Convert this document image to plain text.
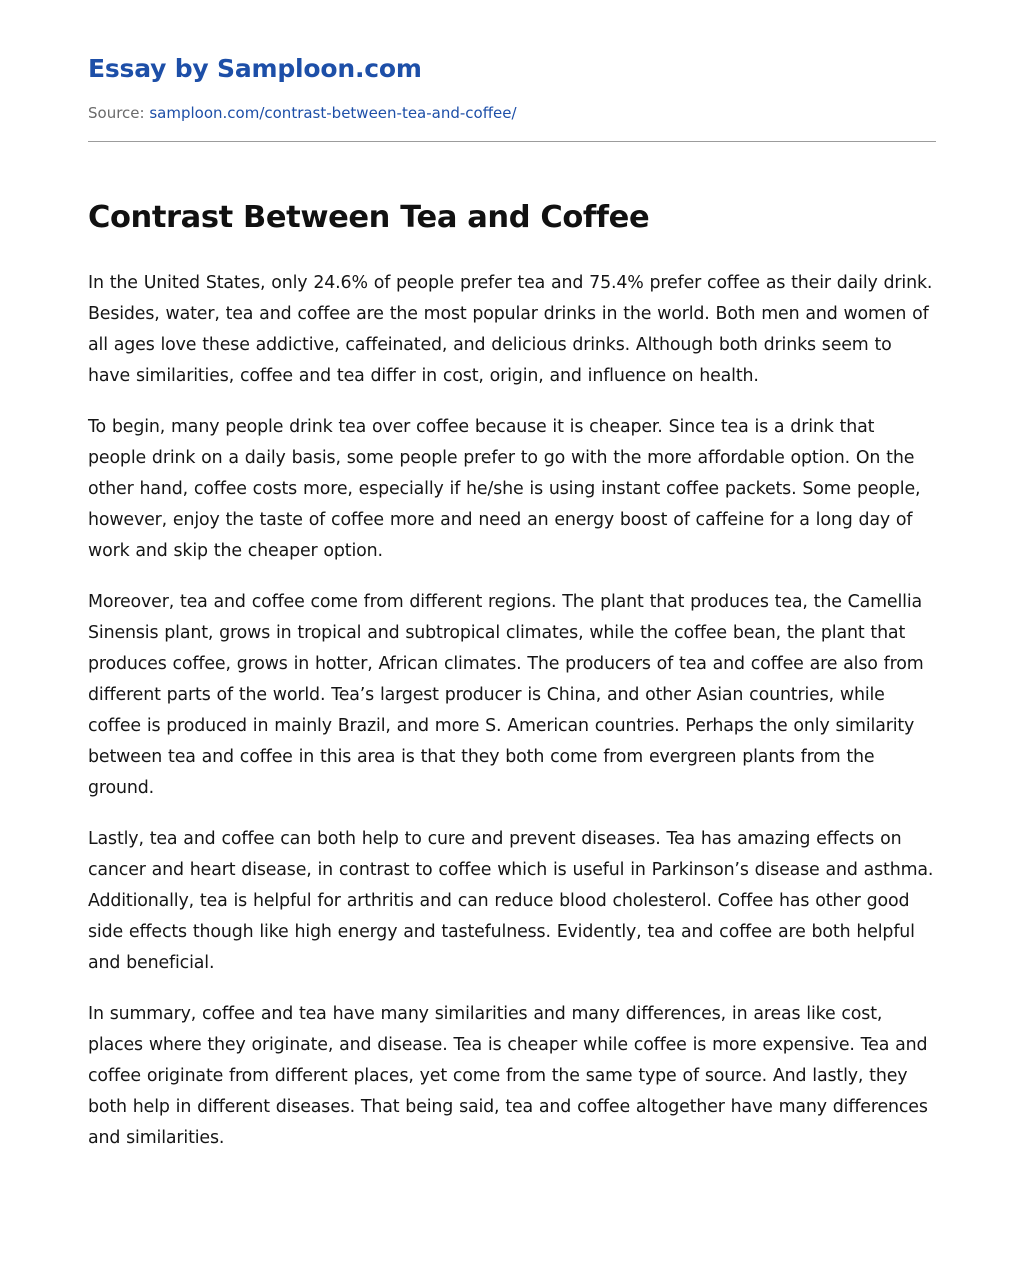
Essay by Samploon.com
Source: samploon.com/contrast-between-tea-and-coffee/
Contrast Between Tea and Coffee

In the United States, only 24.6% of people prefer tea and 75.4% prefer coffee as their daily drink. Besides, water, tea and coffee are the most popular drinks in the world. Both men and women of all ages love these addictive, caffeinated, and delicious drinks. Although both drinks seem to have similarities, coffee and tea differ in cost, origin, and influence on health.

To begin, many people drink tea over coffee because it is cheaper. Since tea is a drink that people drink on a daily basis, some people prefer to go with the more affordable option. On the other hand, coffee costs more, especially if he/she is using instant coffee packets. Some people, however, enjoy the taste of coffee more and need an energy boost of caffeine for a long day of work and skip the cheaper option.

Moreover, tea and coffee come from different regions. The plant that produces tea, the Camellia Sinensis plant, grows in tropical and subtropical climates, while the coffee bean, the plant that produces coffee, grows in hotter, African climates. The producers of tea and coffee are also from different parts of the world. Tea’s largest producer is China, and other Asian countries, while coffee is produced in mainly Brazil, and more S. American countries. Perhaps the only similarity between tea and coffee in this area is that they both come from evergreen plants from the ground.

Lastly, tea and coffee can both help to cure and prevent diseases. Tea has amazing effects on cancer and heart disease, in contrast to coffee which is useful in Parkinson’s disease and asthma. Additionally, tea is helpful for arthritis and can reduce blood cholesterol. Coffee has other good side effects though like high energy and tastefulness. Evidently, tea and coffee are both helpful and beneficial.

In summary, coffee and tea have many similarities and many differences, in areas like cost, places where they originate, and disease. Tea is cheaper while coffee is more expensive. Tea and coffee originate from different places, yet come from the same type of source. And lastly, they both help in different diseases. That being said, tea and coffee altogether have many differences and similarities.
